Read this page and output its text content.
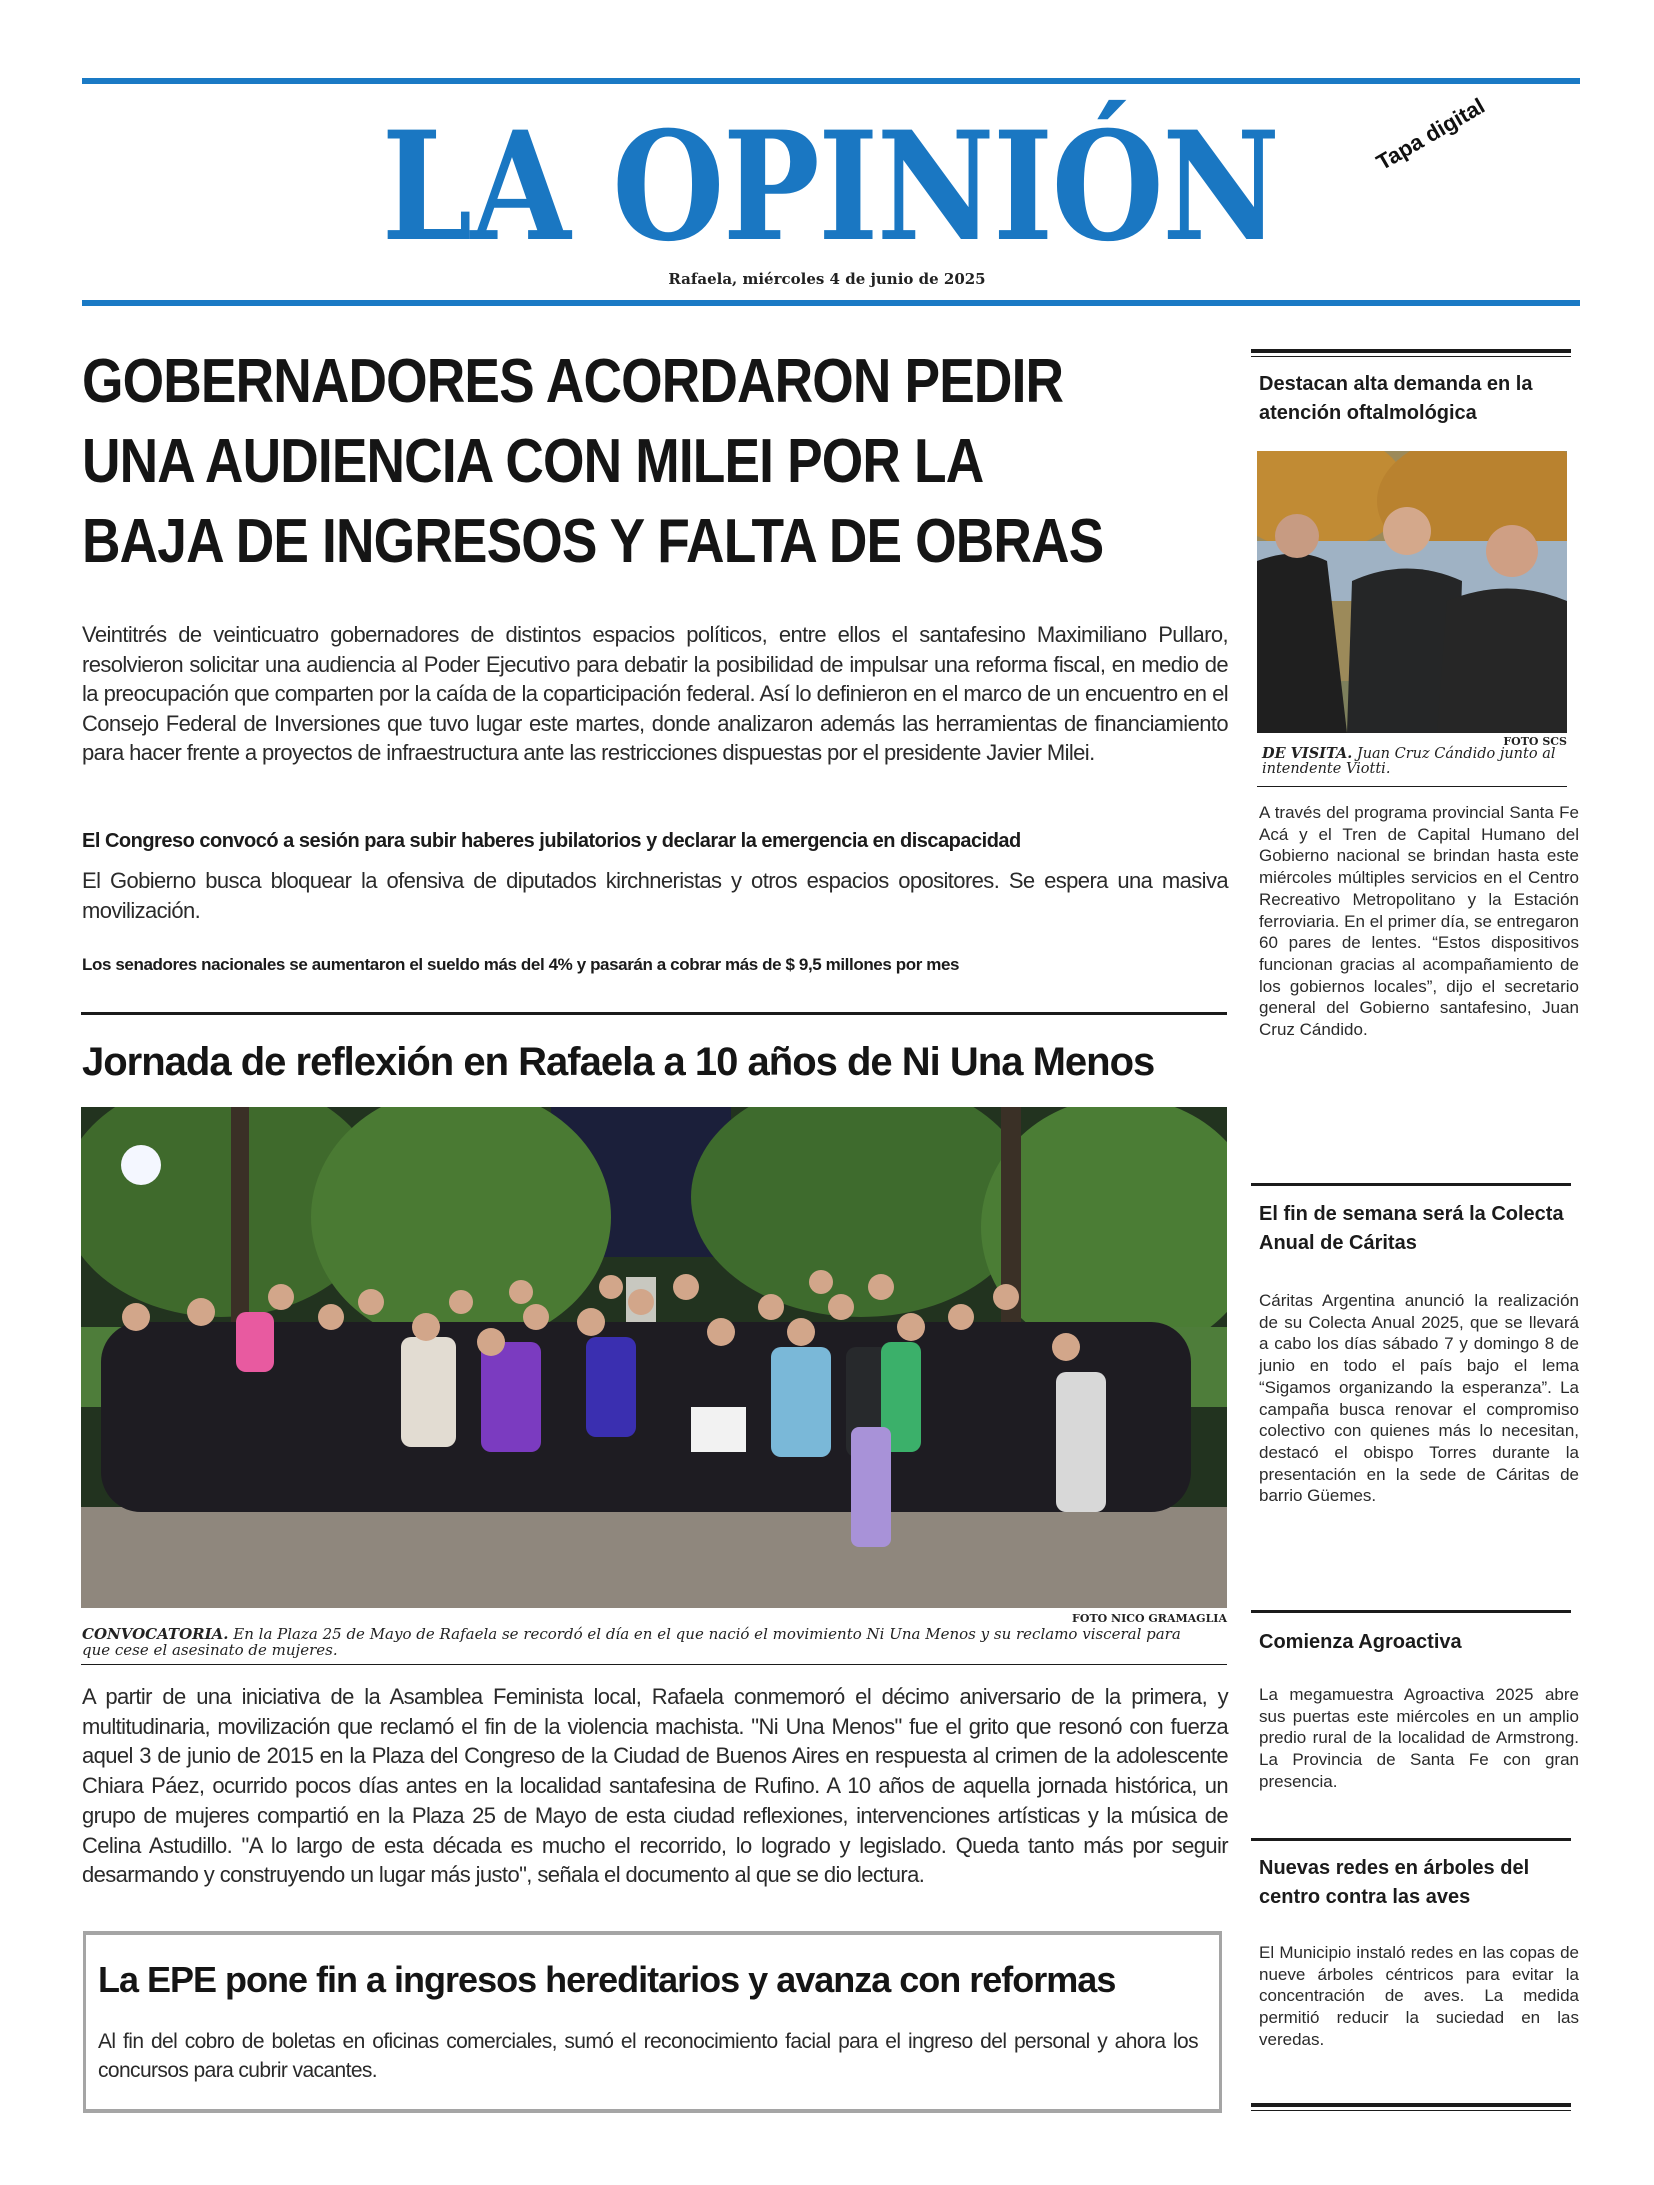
LA OPINIÓN	Tapa digital
Rafaela, miércoles 4 de junio de 2025
GOBERNADORES ACORDARON PEDIR
UNA AUDIENCIA CON MILEI POR LA
BAJA DE INGRESOS Y FALTA DE OBRAS

Veintitrés de veinticuatro gobernadores de distintos espacios políticos, entre ellos el santafesino Maximiliano Pullaro, resolvieron solicitar una audiencia al Poder Ejecutivo para debatir la posibilidad de impulsar una reforma fiscal, en medio de la preocupación que comparten por la caída de la coparticipación federal. Así lo definieron en el marco de un encuentro en el Consejo Federal de Inversiones que tuvo lugar este martes, donde analizaron además las herramientas de financiamiento para hacer frente a proyectos de infraestructura ante las restricciones dispuestas por el presidente Javier Milei.

El Congreso convocó a sesión para subir haberes jubilatorios y declarar la emergencia en discapacidad

El Gobierno busca bloquear la ofensiva de diputados kirchneristas y otros espacios opositores. Se espera una masiva movilización.

Los senadores nacionales se aumentaron el sueldo más del 4% y pasarán a cobrar más de $ 9,5 millones por mes
Jornada de reflexión en Rafaela a 10 años de Ni Una Menos
FOTO NICO GRAMAGLIA
CONVOCATORIA. En la Plaza 25 de Mayo de Rafaela se recordó el día en el que nació el movimiento Ni Una Menos y su reclamo visceral para que cese el asesinato de mujeres.

A partir de una iniciativa de la Asamblea Feminista local, Rafaela conmemoró el décimo aniversario de la primera, y multitudinaria, movilización que reclamó el fin de la violencia machista. "Ni Una Menos" fue el grito que resonó con fuerza aquel 3 de junio de 2015 en la Plaza del Congreso de la Ciudad de Buenos Aires en respuesta al crimen de la adolescente Chiara Páez, ocurrido pocos días antes en la localidad santafesina de Rufino. A 10 años de aquella jornada histórica, un grupo de mujeres compartió en la Plaza 25 de Mayo de esta ciudad reflexiones, intervenciones artísticas y la música de Celina Astudillo. "A lo largo de esta década es mucho el recorrido, lo logrado y legislado. Queda tanto más por seguir desarmando y construyendo un lugar más justo", señala el documento al que se dio lectura.

La EPE pone fin a ingresos hereditarios y avanza con reformas

Al fin del cobro de boletas en oficinas comerciales, sumó el reconocimiento facial para el ingreso del personal y ahora los concursos para cubrir vacantes.

Destacan alta demanda en la atención oftalmológica
FOTO SCS
DE VISITA. Juan Cruz Cándido junto al intendente Viotti.

A través del programa provincial Santa Fe Acá y el Tren de Capital Humano del Gobierno nacional se brindan hasta este miércoles múltiples servicios en el Centro Recreativo Metropolitano y la Estación ferroviaria. En el primer día, se entregaron 60 pares de lentes. “Estos dispositivos funcionan gracias al acompañamiento de los gobiernos locales”, dijo el secretario general del Gobierno santafesino, Juan Cruz Cándido.

El fin de semana será la Colecta Anual de Cáritas

Cáritas Argentina anunció la realización de su Colecta Anual 2025, que se llevará a cabo los días sábado 7 y domingo 8 de junio en todo el país bajo el lema “Sigamos organizando la esperanza”. La campaña busca renovar el compromiso colectivo con quienes más lo necesitan, destacó el obispo Torres durante la presentación en la sede de Cáritas de barrio Güemes.

Comienza Agroactiva

La megamuestra Agroactiva 2025 abre sus puertas este miércoles en un amplio predio rural de la localidad de Armstrong. La Provincia de Santa Fe con gran presencia.

Nuevas redes en árboles del centro contra las aves

El Municipio instaló redes en las copas de nueve árboles céntricos para evitar la concentración de aves. La medida permitió reducir la suciedad en las veredas.
